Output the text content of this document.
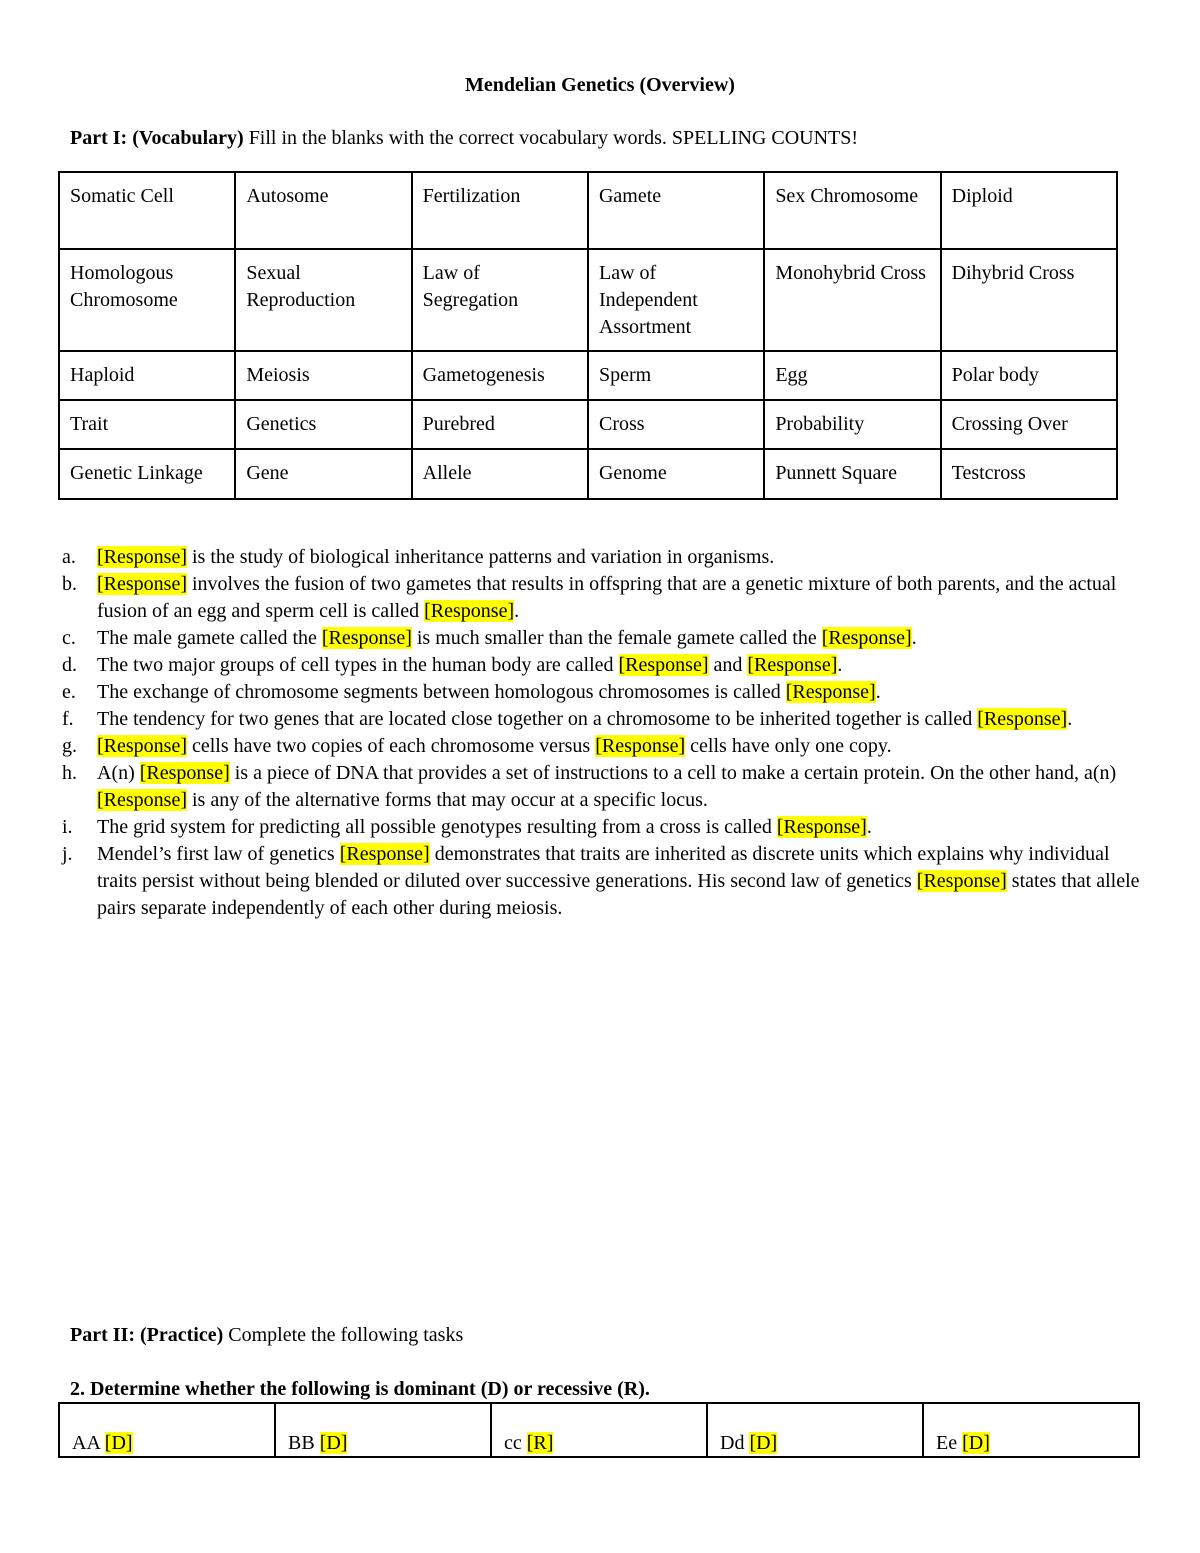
Mendelian Genetics (Overview)
Part I: (Vocabulary) Fill in the blanks with the correct vocabulary words. SPELLING COUNTS!
Somatic Cell	Autosome	Fertilization	Gamete	Sex Chromosome	Diploid
Homologous Chromosome	Sexual Reproduction	Law of Segregation	Law of Independent Assortment	Monohybrid Cross	Dihybrid Cross
Haploid	Meiosis	Gametogenesis	Sperm	Egg	Polar body
Trait	Genetics	Purebred	Cross	Probability	Crossing Over
Genetic Linkage	Gene	Allele	Genome	Punnett Square	Testcross
a. [Response] is the study of biological inheritance patterns and variation in organisms.
b. [Response] involves the fusion of two gametes that results in offspring that are a genetic mixture of both parents, and the actual fusion of an egg and sperm cell is called [Response].
c. The male gamete called the [Response] is much smaller than the female gamete called the [Response].
d. The two major groups of cell types in the human body are called [Response] and [Response].
e. The exchange of chromosome segments between homologous chromosomes is called [Response].
f. The tendency for two genes that are located close together on a chromosome to be inherited together is called [Response].
g. [Response] cells have two copies of each chromosome versus [Response] cells have only one copy.
h. A(n) [Response] is a piece of DNA that provides a set of instructions to a cell to make a certain protein. On the other hand, a(n) [Response] is any of the alternative forms that may occur at a specific locus.
i. The grid system for predicting all possible genotypes resulting from a cross is called [Response].
j. Mendel’s first law of genetics [Response] demonstrates that traits are inherited as discrete units which explains why individual traits persist without being blended or diluted over successive generations. His second law of genetics [Response] states that allele pairs separate independently of each other during meiosis.
Part II: (Practice) Complete the following tasks
2. Determine whether the following is dominant (D) or recessive (R).
AA [D]	BB [D]	cc [R]	Dd [D]	Ee [D]
